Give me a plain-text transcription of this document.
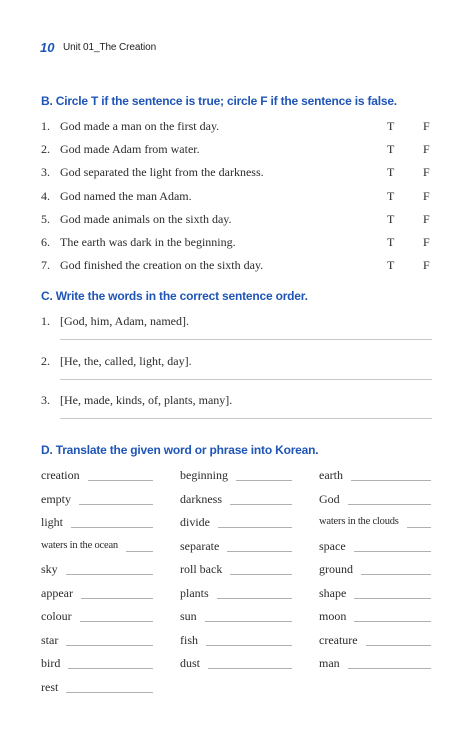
10 Unit 01_The Creation
B. Circle T if the sentence is true; circle F if the sentence is false.
1. God made a man on the first day.	T F
2. God made Adam from water.	T F
3. God separated the light from the darkness.	T F
4. God named the man Adam.	T F
5. God made animals on the sixth day.	T F
6. The earth was dark in the beginning.	T F
7. God finished the creation on the sixth day.	T F
C. Write the words in the correct sentence order.
1. [God, him, Adam, named].
2. [He, the, called, light, day].
3. [He, made, kinds, of, plants, many].
D. Translate the given word or phrase into Korean.
creation	beginning	earth
empty	darkness	God
light	divide	waters in the clouds
waters in the ocean	separate	space
sky	roll back	ground
appear	plants	shape
colour	sun	moon
star	fish	creature
bird	dust	man
rest
